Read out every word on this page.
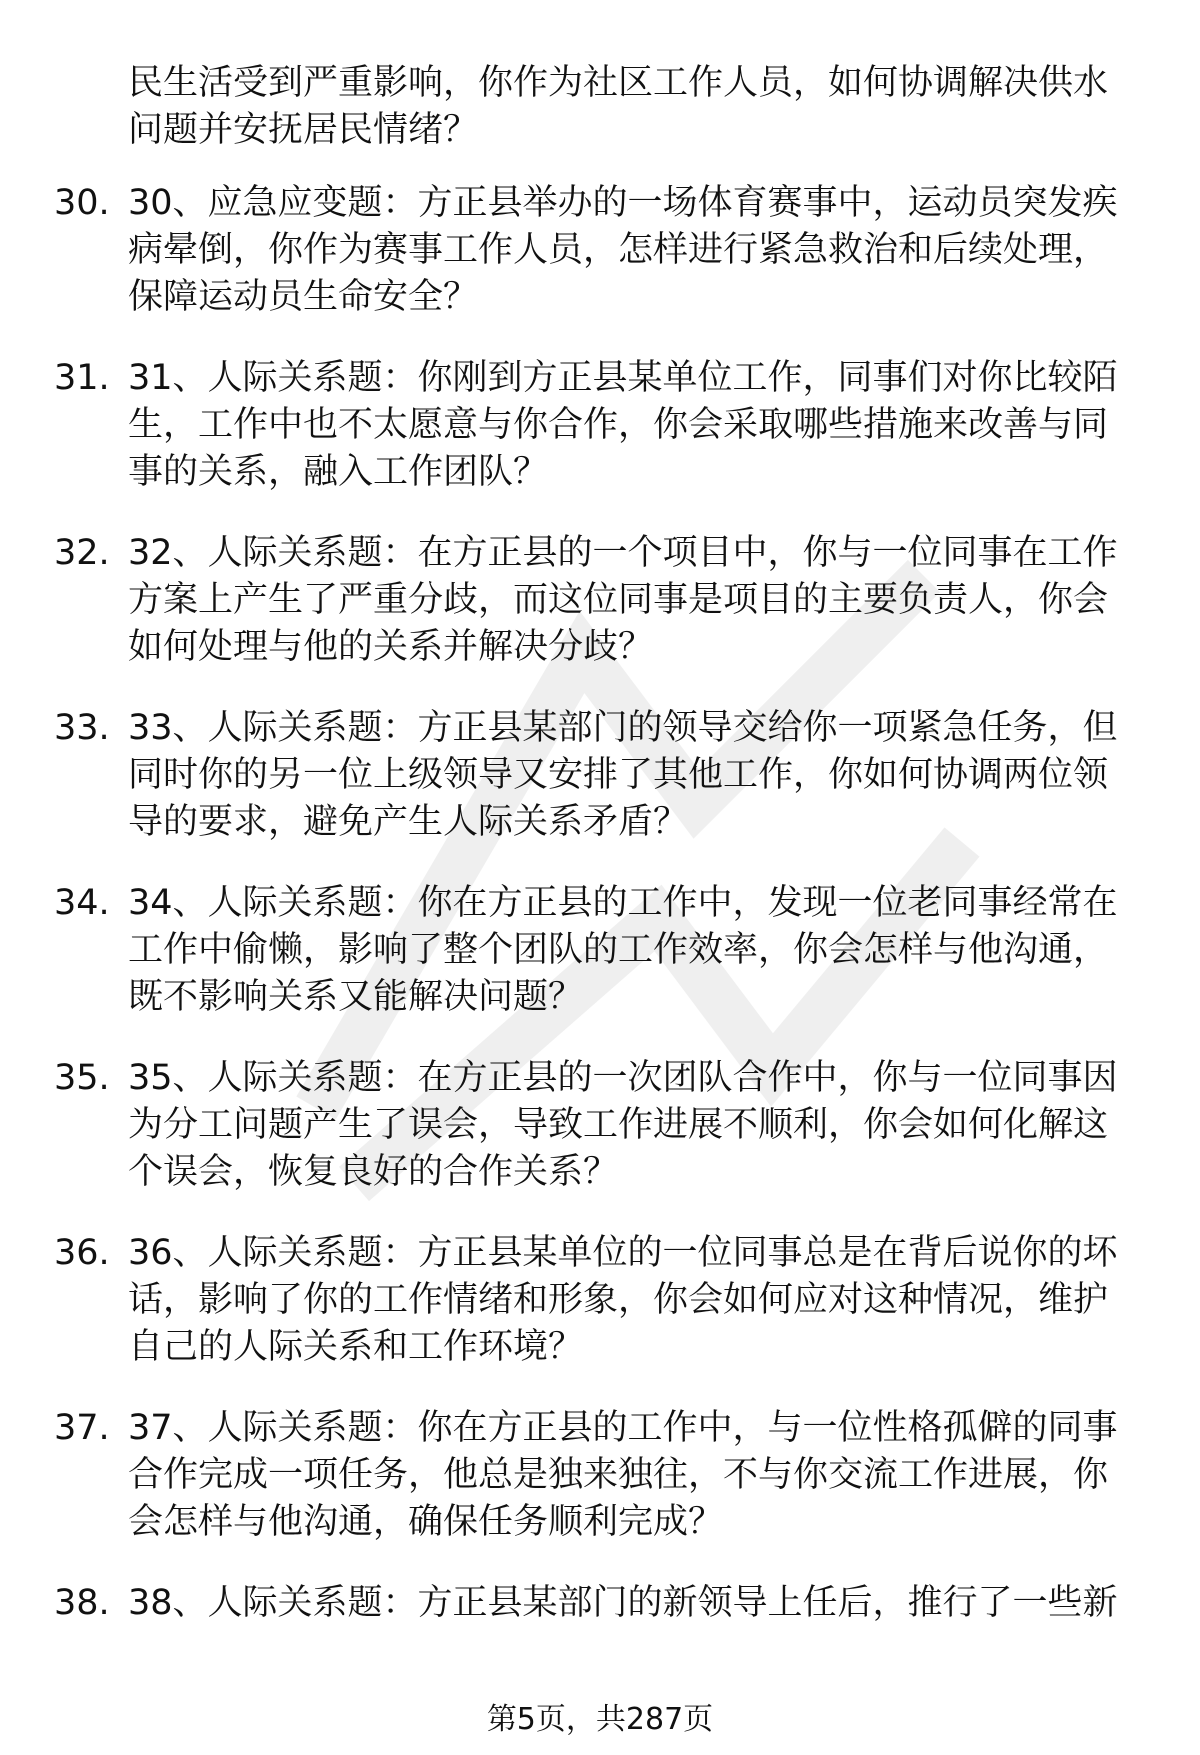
民生活受到严重影响，你作为社区工作人员，如何协调解决供水
问题并安抚居民情绪？
30. 30、应急应变题：方正县举办的一场体育赛事中，运动员突发疾
病晕倒，你作为赛事工作人员，怎样进行紧急救治和后续处理，
保障运动员生命安全？
31. 31、人际关系题：你刚到方正县某单位工作，同事们对你比较陌
生，工作中也不太愿意与你合作，你会采取哪些措施来改善与同
事的关系，融入工作团队？
32. 32、人际关系题：在方正县的一个项目中，你与一位同事在工作
方案上产生了严重分歧，而这位同事是项目的主要负责人，你会
如何处理与他的关系并解决分歧？
33. 33、人际关系题：方正县某部门的领导交给你一项紧急任务，但
同时你的另一位上级领导又安排了其他工作，你如何协调两位领
导的要求，避免产生人际关系矛盾？
34. 34、人际关系题：你在方正县的工作中，发现一位老同事经常在
工作中偷懒，影响了整个团队的工作效率，你会怎样与他沟通，
既不影响关系又能解决问题？
35. 35、人际关系题：在方正县的一次团队合作中，你与一位同事因
为分工问题产生了误会，导致工作进展不顺利，你会如何化解这
个误会，恢复良好的合作关系？
36. 36、人际关系题：方正县某单位的一位同事总是在背后说你的坏
话，影响了你的工作情绪和形象，你会如何应对这种情况，维护
自己的人际关系和工作环境？
37. 37、人际关系题：你在方正县的工作中，与一位性格孤僻的同事
合作完成一项任务，他总是独来独往，不与你交流工作进展，你
会怎样与他沟通，确保任务顺利完成？
38. 38、人际关系题：方正县某部门的新领导上任后，推行了一些新
第5页，共287页
